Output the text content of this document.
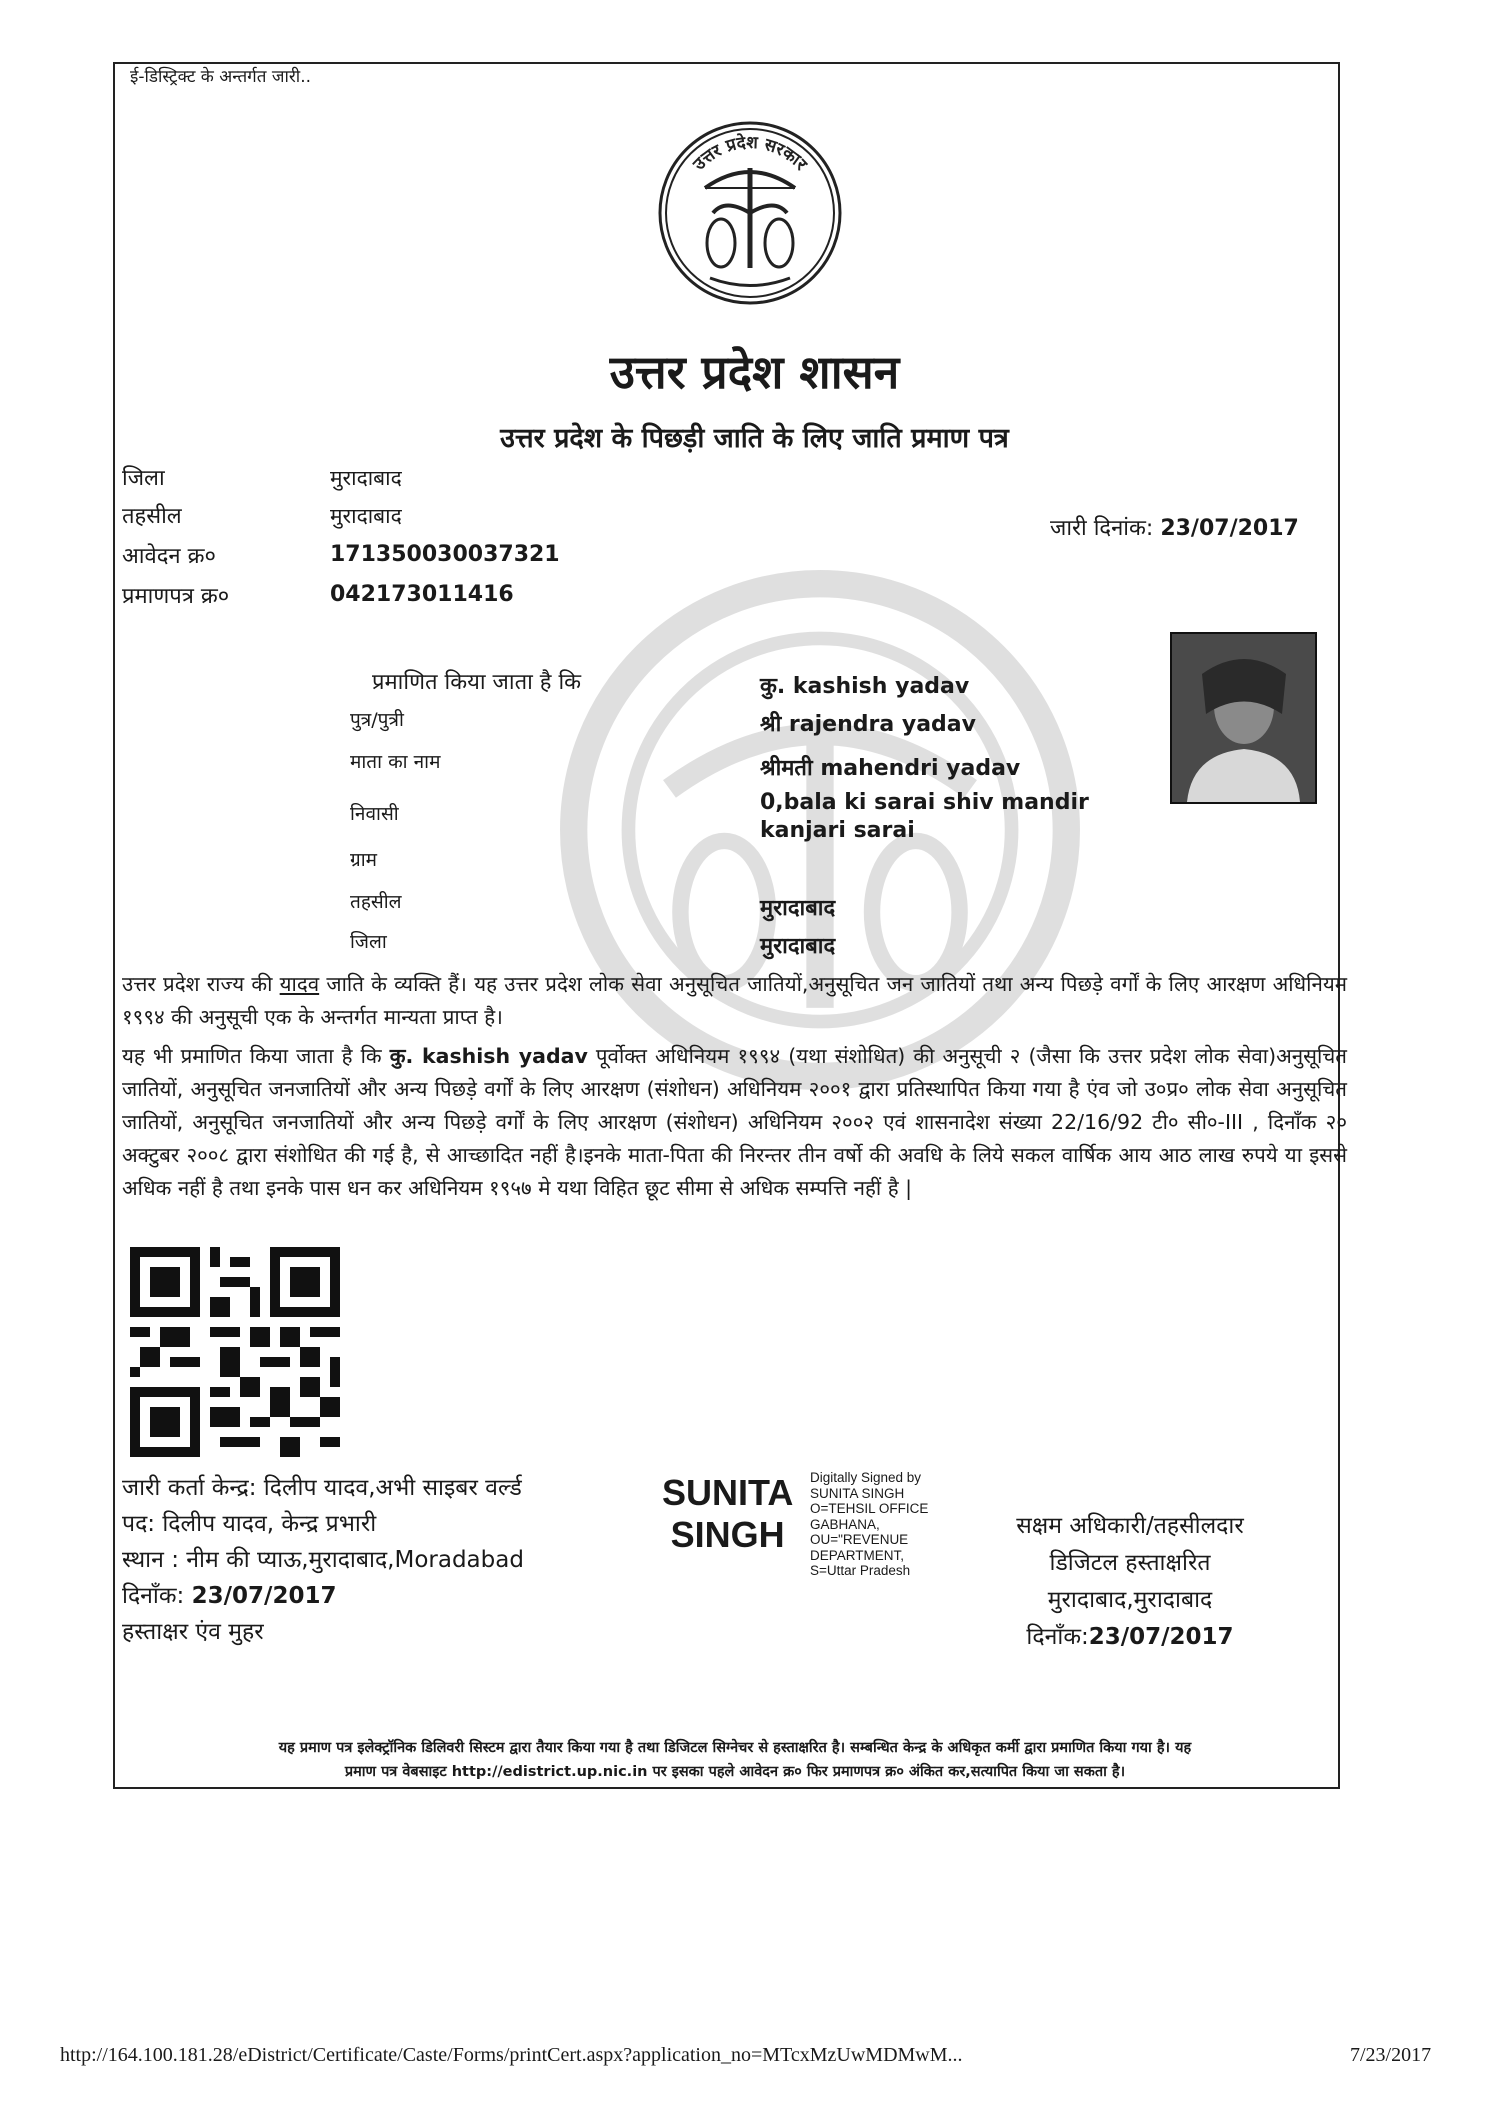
ई-डिस्ट्रिक्ट के अन्तर्गत जारी..
उत्तर प्रदेश सरकार
उत्तर प्रदेश शासन
उत्तर प्रदेश के पिछड़ी जाति के लिए जाति प्रमाण पत्र
जिला	मुरादाबाद
तहसील	मुरादाबाद
आवेदन क्र०	171350030037321
प्रमाणपत्र क्र०	042173011416
जारी दिनांक: 23/07/2017
प्रमाणित किया जाता है कि	कु. kashish yadav
पुत्र/पुत्री	श्री rajendra yadav
माता का नाम	श्रीमती mahendri yadav
निवासी	0,bala ki sarai shiv mandir
kanjari sarai
ग्राम
तहसील	मुरादाबाद
जिला	मुरादाबाद

उत्तर प्रदेश राज्य की यादव जाति के व्यक्ति हैं। यह उत्तर प्रदेश लोक सेवा अनुसूचित जातियों,अनुसूचित जन जातियों तथा अन्य पिछड़े वर्गों के लिए आरक्षण अधिनियम १९९४ की अनुसूची एक के अन्तर्गत मान्यता प्राप्त है।

यह भी प्रमाणित किया जाता है कि कु. kashish yadav पूर्वोक्त अधिनियम १९९४ (यथा संशोधित) की अनुसूची २ (जैसा कि उत्तर प्रदेश लोक सेवा)अनुसूचित जातियों, अनुसूचित जनजातियों और अन्य पिछड़े वर्गों के लिए आरक्षण (संशोधन) अधिनियम २००१ द्वारा प्रतिस्थापित किया गया है एंव जो उ०प्र० लोक सेवा अनुसूचित जातियों, अनुसूचित जनजातियों और अन्य पिछड़े वर्गों के लिए आरक्षण (संशोधन) अधिनियम २००२ एवं शासनादेश संख्या 22/16/92 टी० सी०-III , दिनाँक २० अक्टुबर २००८ द्वारा संशोधित की गई है, से आच्छादित नहीं है।इनके माता-पिता की निरन्तर तीन वर्षो की अवधि के लिये सकल वार्षिक आय आठ लाख रुपये या इससे अधिक नहीं है तथा इनके पास धन कर अधिनियम १९५७ मे यथा विहित छूट सीमा से अधिक सम्पत्ति नहीं है |

जारी कर्ता केन्द्र: दिलीप यादव,अभी साइबर वर्ल्ड
पद: दिलीप यादव, केन्द्र प्रभारी
स्थान : नीम की प्याऊ,मुरादाबाद,Moradabad
दिनाँक: 23/07/2017
हस्ताक्षर एंव मुहर
SUNITA
SINGH
Digitally Signed by
SUNITA SINGH
O=TEHSIL OFFICE
GABHANA,
OU="REVENUE
DEPARTMENT,
S=Uttar Pradesh
सक्षम अधिकारी/तहसीलदार
डिजिटल हस्ताक्षरित
मुरादाबाद,मुरादाबाद
दिनाँक:23/07/2017
यह प्रमाण पत्र इलेक्ट्रॉनिक डिलिवरी सिस्टम द्वारा तैयार किया गया है तथा डिजिटल सिग्नेचर से हस्ताक्षरित है। सम्बन्धित केन्द्र के अधिकृत कर्मी द्वारा प्रमाणित किया गया है। यह
प्रमाण पत्र वेबसाइट http://edistrict.up.nic.in पर इसका पहले आवेदन क्र० फिर प्रमाणपत्र क्र० अंकित कर,सत्यापित किया जा सकता है।
http://164.100.181.28/eDistrict/Certificate/Caste/Forms/printCert.aspx?application_no=MTcxMzUwMDMwM...	7/23/2017
